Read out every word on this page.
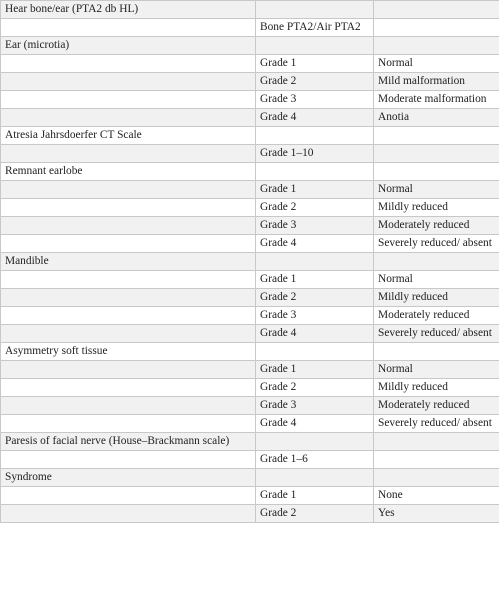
Hear bone/ear (PTA2 db HL)		
	Bone PTA2/Air PTA2	
Ear (microtia)		
	Grade 1	Normal
	Grade 2	Mild malformation
	Grade 3	Moderate malformation
	Grade 4	Anotia
Atresia Jahrsdoerfer CT Scale		
	Grade 1–10	
Remnant earlobe		
	Grade 1	Normal
	Grade 2	Mildly reduced
	Grade 3	Moderately reduced
	Grade 4	Severely reduced/ absent
Mandible		
	Grade 1	Normal
	Grade 2	Mildly reduced
	Grade 3	Moderately reduced
	Grade 4	Severely reduced/ absent
Asymmetry soft tissue		
	Grade 1	Normal
	Grade 2	Mildly reduced
	Grade 3	Moderately reduced
	Grade 4	Severely reduced/ absent
Paresis of facial nerve (House–Brackmann scale)		
	Grade 1–6	
Syndrome		
	Grade 1	None
	Grade 2	Yes
